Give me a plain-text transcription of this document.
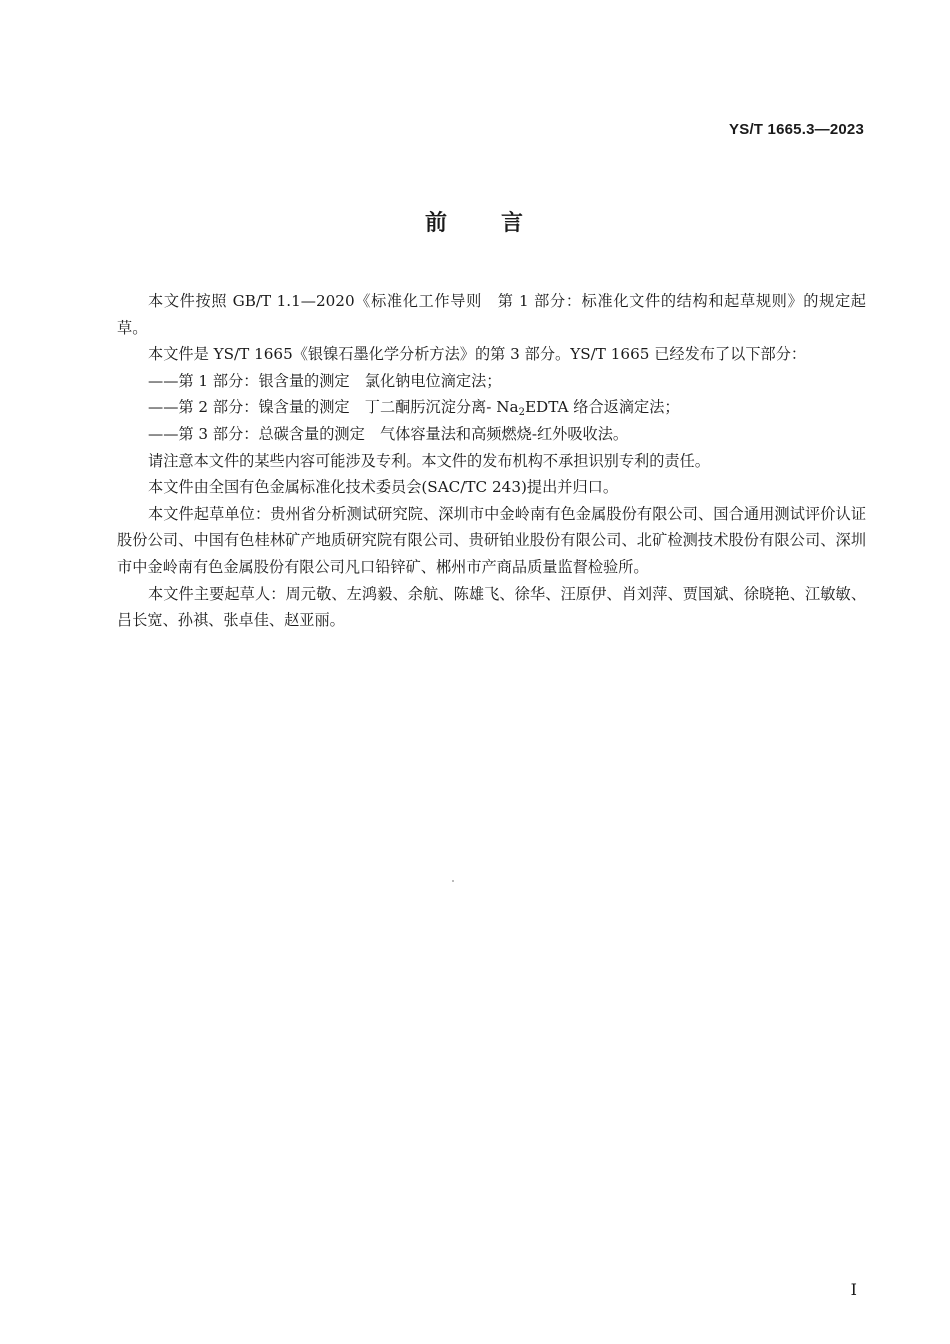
YS/T 1665.3—2023
前 言

本文件按照 GB/T 1.1—2020《标准化工作导则　第 1 部分：标准化文件的结构和起草规则》的规定起草。

本文件是 YS/T 1665《银镍石墨化学分析方法》的第 3 部分。YS/T 1665 已经发布了以下部分：

——第 1 部分：银含量的测定　氯化钠电位滴定法；

——第 2 部分：镍含量的测定　丁二酮肟沉淀分离- $Na_2EDTA$ 络合返滴定法；

——第 3 部分：总碳含量的测定　气体容量法和高频燃烧-红外吸收法。

请注意本文件的某些内容可能涉及专利。本文件的发布机构不承担识别专利的责任。

本文件由全国有色金属标准化技术委员会(SAC/TC 243)提出并归口。

本文件起草单位：贵州省分析测试研究院、深圳市中金岭南有色金属股份有限公司、国合通用测试评价认证股份公司、中国有色桂林矿产地质研究院有限公司、贵研铂业股份有限公司、北矿检测技术股份有限公司、深圳市中金岭南有色金属股份有限公司凡口铅锌矿、郴州市产商品质量监督检验所。

本文件主要起草人：周元敬、左鸿毅、余航、陈雄飞、徐华、汪原伊、肖刘萍、贾国斌、徐晓艳、江敏敏、吕长宽、孙祺、张卓佳、赵亚丽。

I
